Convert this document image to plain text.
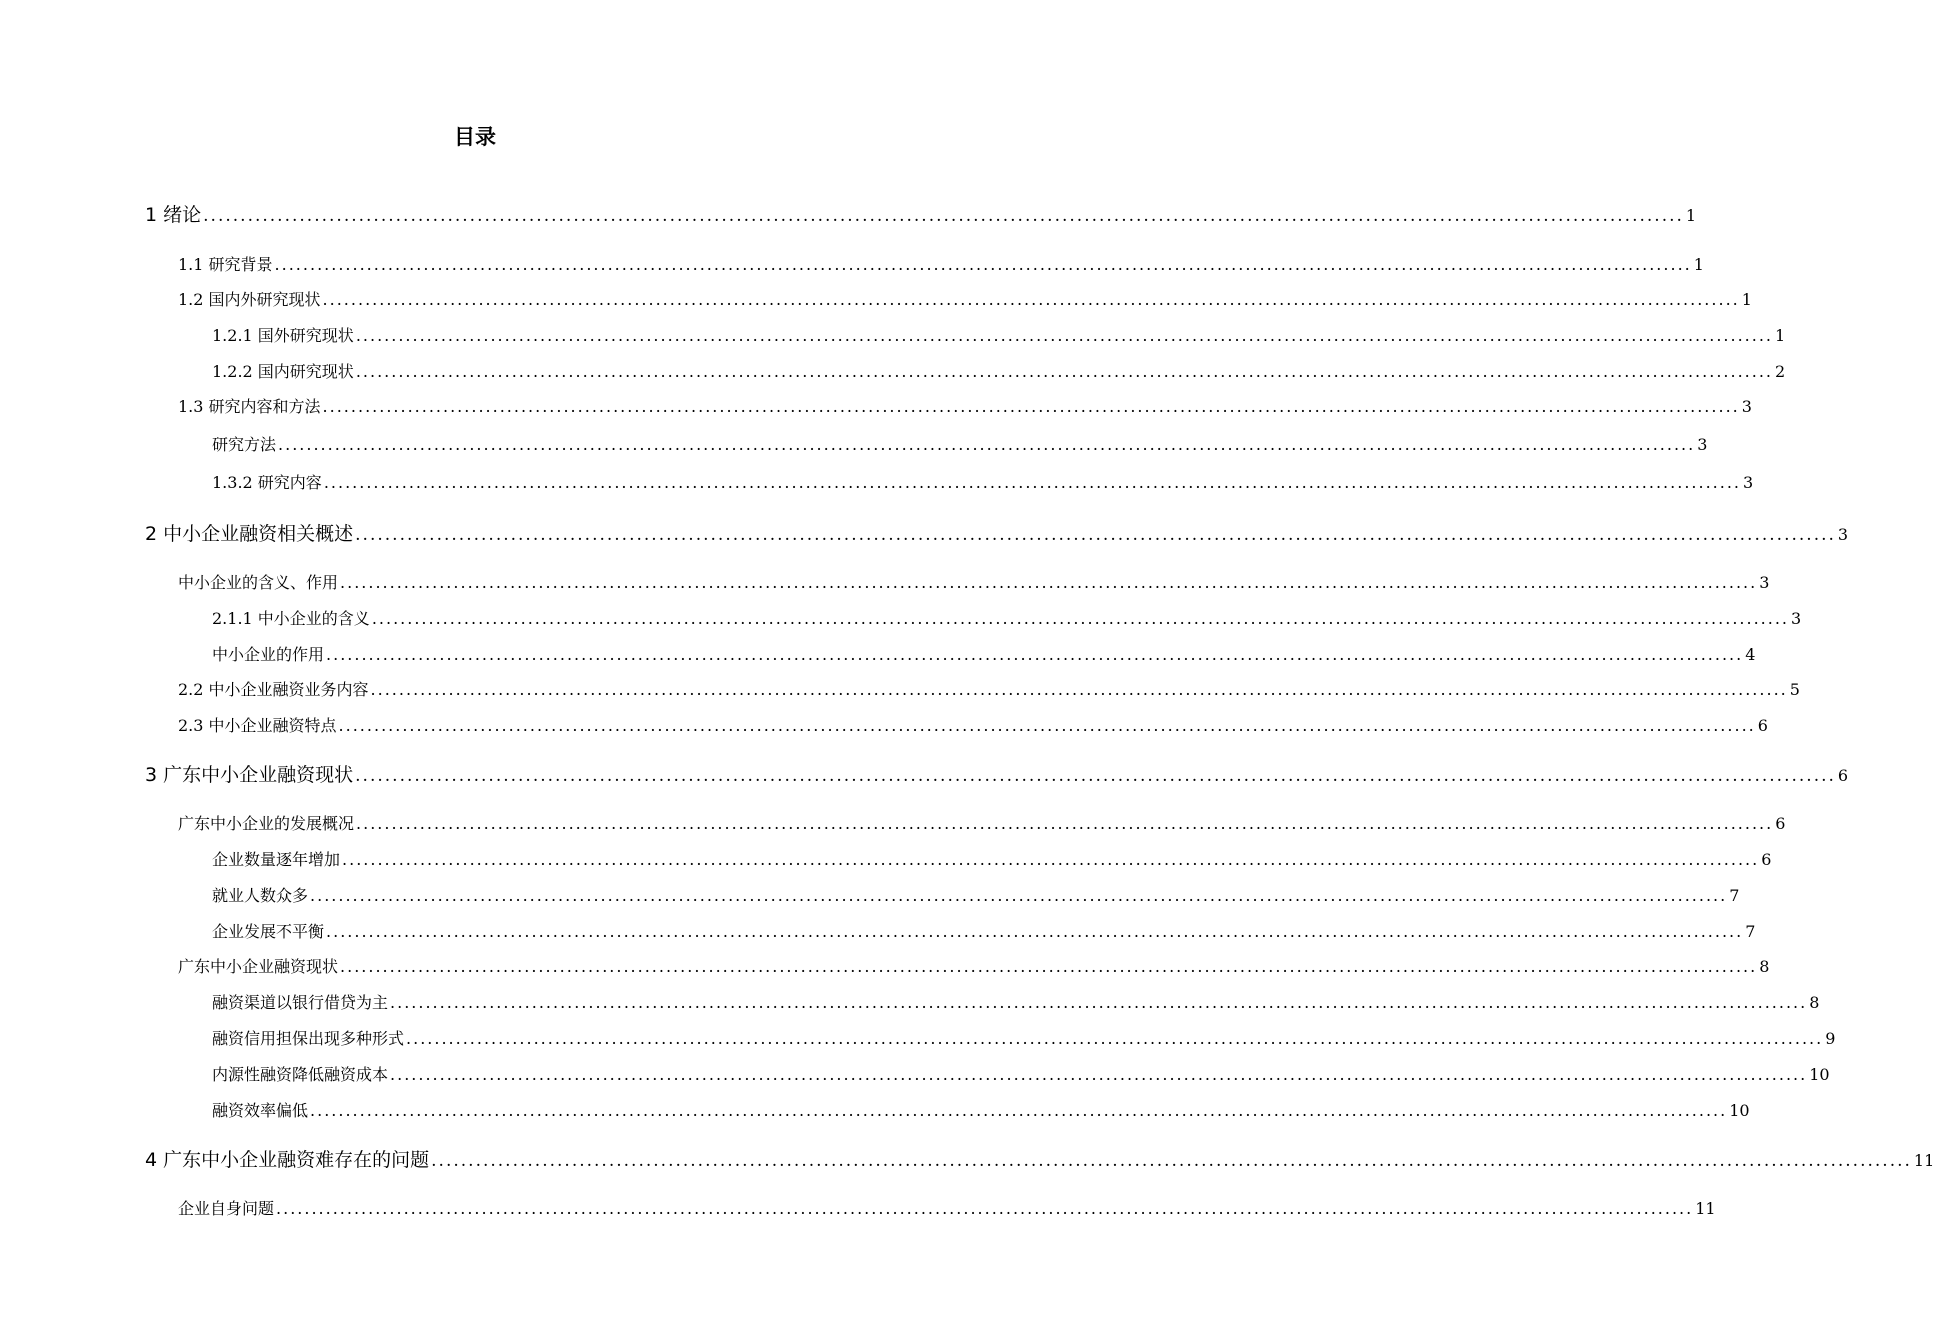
目录
1 绪论 ........................................................................................................................................................................................................ 1
1.1 研究背景 ........................................................................................................................................................................................................ 1
1.2 国内外研究现状 ........................................................................................................................................................................................................ 1
1.2.1 国外研究现状 ........................................................................................................................................................................................................ 1
1.2.2 国内研究现状 ........................................................................................................................................................................................................ 2
1.3 研究内容和方法 ........................................................................................................................................................................................................ 3
研究方法 ........................................................................................................................................................................................................ 3
1.3.2 研究内容 ........................................................................................................................................................................................................ 3
2 中小企业融资相关概述 ........................................................................................................................................................................................................ 3
中小企业的含义、作用 ........................................................................................................................................................................................................ 3
2.1.1 中小企业的含义 ........................................................................................................................................................................................................ 3
中小企业的作用 ........................................................................................................................................................................................................ 4
2.2 中小企业融资业务内容 ........................................................................................................................................................................................................ 5
2.3 中小企业融资特点 ........................................................................................................................................................................................................ 6
3 广东中小企业融资现状 ........................................................................................................................................................................................................ 6
广东中小企业的发展概况 ........................................................................................................................................................................................................ 6
企业数量逐年增加 ........................................................................................................................................................................................................ 6
就业人数众多 ........................................................................................................................................................................................................ 7
企业发展不平衡 ........................................................................................................................................................................................................ 7
广东中小企业融资现状 ........................................................................................................................................................................................................ 8
融资渠道以银行借贷为主 ........................................................................................................................................................................................................ 8
融资信用担保出现多种形式 ........................................................................................................................................................................................................ 9
内源性融资降低融资成本 ........................................................................................................................................................................................................ 10
融资效率偏低 ........................................................................................................................................................................................................ 10
4 广东中小企业融资难存在的问题 ........................................................................................................................................................................................................ 11
企业自身问题 ........................................................................................................................................................................................................ 11
